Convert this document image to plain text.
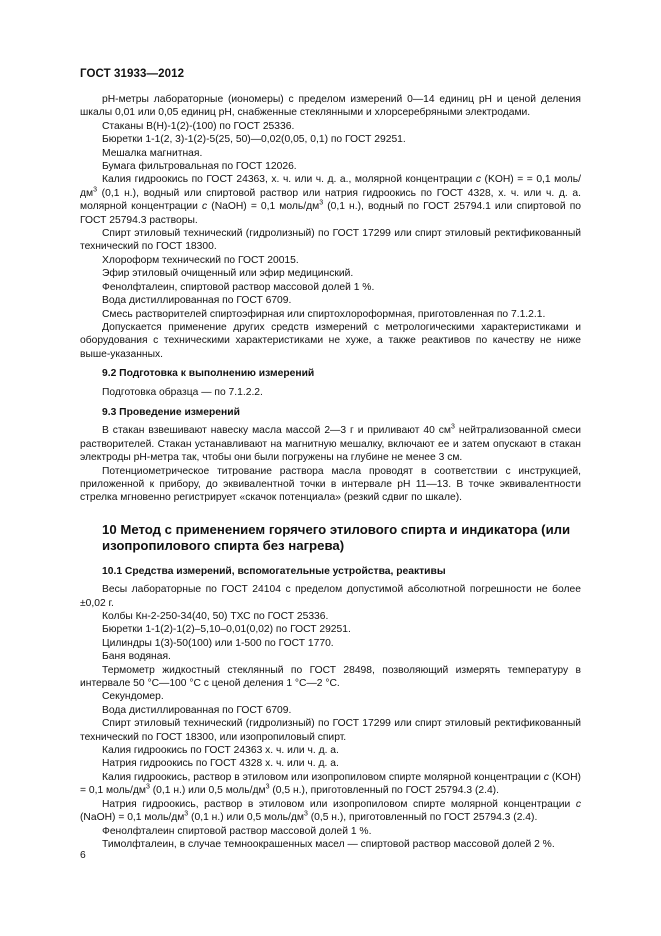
ГОСТ 31933—2012

pH-метры лабораторные (иономеры) с пределом измерений 0—14 единиц pH и ценой деления шкалы 0,01 или 0,05 единиц pH, снабженные стеклянными и хлорсеребряными электродами.

Стаканы В(Н)-1(2)-(100) по ГОСТ 25336.

Бюретки 1-1(2, 3)-1(2)-5(25, 50)—0,02(0,05, 0,1) по ГОСТ 29251.

Мешалка магнитная.

Бумага фильтровальная по ГОСТ 12026.

Калия гидроокись по ГОСТ 24363, х. ч. или ч. д. а., молярной концентрации c (KOH) = = 0,1 моль/$дм^3$ (0,1 н.), водный или спиртовой раствор или натрия гидроокись по ГОСТ 4328, х. ч. или ч. д. а. молярной концентрации c (NaOH) = 0,1 моль/$дм^3$ (0,1 н.), водный по ГОСТ 25794.1 или спиртовой по ГОСТ 25794.3 растворы.

Спирт этиловый технический (гидролизный) по ГОСТ 17299 или спирт этиловый ректификованный технический по ГОСТ 18300.

Хлороформ технический по ГОСТ 20015.

Эфир этиловый очищенный или эфир медицинский.

Фенолфталеин, спиртовой раствор массовой долей 1 %.

Вода дистиллированная по ГОСТ 6709.

Смесь растворителей спиртоэфирная или спиртохлороформная, приготовленная по 7.1.2.1.

Допускается применение других средств измерений с метрологическими характеристиками и оборудования с техническими характеристиками не хуже, а также реактивов по качеству не ниже выше-указанных.

9.2 Подготовка к выполнению измерений

Подготовка образца — по 7.1.2.2.

9.3 Проведение измерений

В стакан взвешивают навеску масла массой 2—3 г и приливают 40 $см^3$ нейтрализованной смеси растворителей. Стакан устанавливают на магнитную мешалку, включают ее и затем опускают в стакан электроды pH-метра так, чтобы они были погружены на глубине не менее 3 см.

Потенциометрическое титрование раствора масла проводят в соответствии с инструкцией, приложенной к прибору, до эквивалентной точки в интервале pH 11—13. В точке эквивалентности стрелка мгновенно регистрирует «скачок потенциала» (резкий сдвиг по шкале).

10 Метод с применением горячего этилового спирта и индикатора (или изопропилового спирта без нагрева)
10.1 Средства измерений, вспомогательные устройства, реактивы

Весы лабораторные по ГОСТ 24104 с пределом допустимой абсолютной погрешности не более ±0,02 г.

Колбы Кн-2-250-34(40, 50) ТХС по ГОСТ 25336.

Бюретки 1-1(2)-1(2)–5,10–0,01(0,02) по ГОСТ 29251.

Цилиндры 1(3)-50(100) или 1-500 по ГОСТ 1770.

Баня водяная.

Термометр жидкостный стеклянный по ГОСТ 28498, позволяющий измерять температуру в интервале 50 °С—100 °С с ценой деления 1 °С—2 °С.

Секундомер.

Вода дистиллированная по ГОСТ 6709.

Спирт этиловый технический (гидролизный) по ГОСТ 17299 или спирт этиловый ректификованный технический по ГОСТ 18300, или изопропиловый спирт.

Калия гидроокись по ГОСТ 24363 х. ч. или ч. д. а.

Натрия гидроокись по ГОСТ 4328 х. ч. или ч. д. а.

Калия гидроокись, раствор в этиловом или изопропиловом спирте молярной концентрации c (KOH) = 0,1 моль/$дм^3$ (0,1 н.) или 0,5 моль/$дм^3$ (0,5 н.), приготовленный по ГОСТ 25794.3 (2.4).

Натрия гидроокись, раствор в этиловом или изопропиловом спирте молярной концентрации c (NaOH) = 0,1 моль/$дм^3$ (0,1 н.) или 0,5 моль/$дм^3$ (0,5 н.), приготовленный по ГОСТ 25794.3 (2.4).

Фенолфталеин спиртовой раствор массовой долей 1 %.

Тимолфталеин, в случае темноокрашенных масел — спиртовой раствор массовой долей 2 %.

6
